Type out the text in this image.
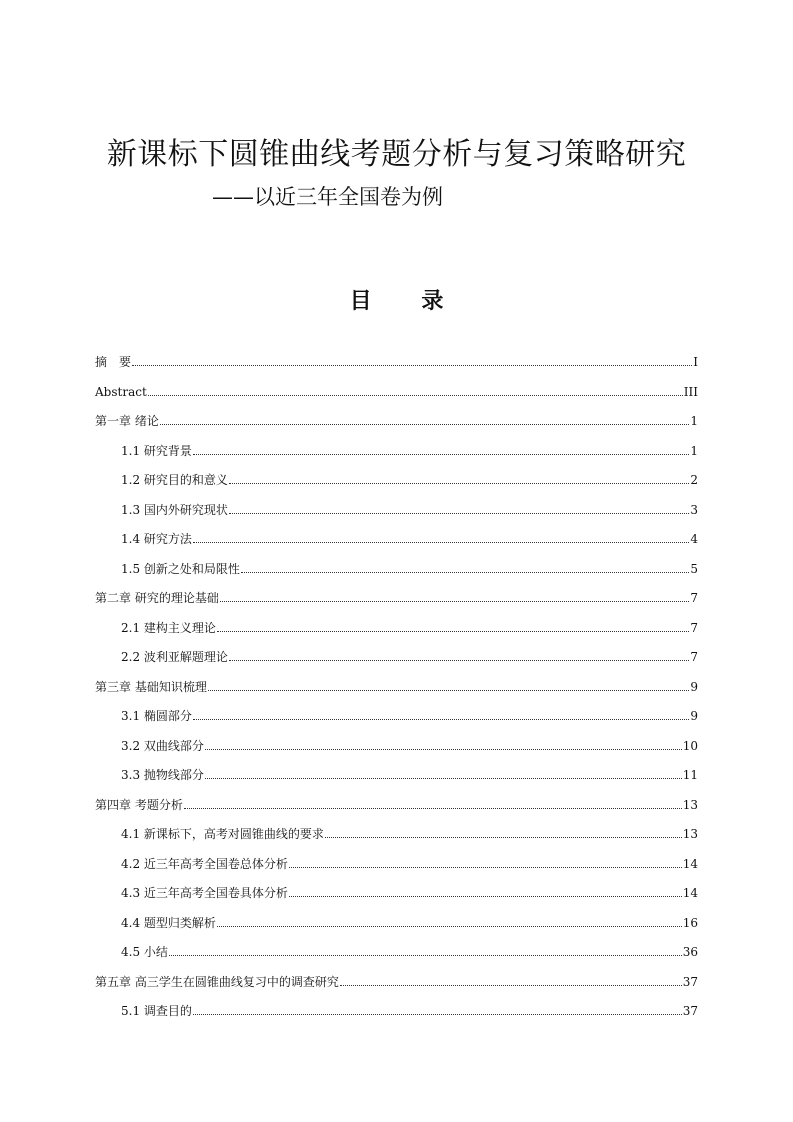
新课标下圆锥曲线考题分析与复习策略研究
——以近三年全国卷为例
目 录
摘　要	I
Abstract	III
第一章 绪论	1
1.1 研究背景	1
1.2 研究目的和意义	2
1.3 国内外研究现状	3
1.4 研究方法	4
1.5 创新之处和局限性	5
第二章 研究的理论基础	7
2.1 建构主义理论	7
2.2 波利亚解题理论	7
第三章 基础知识梳理	9
3.1 椭圆部分	9
3.2 双曲线部分	10
3.3 抛物线部分	11
第四章 考题分析	13
4.1 新课标下，高考对圆锥曲线的要求	13
4.2 近三年高考全国卷总体分析	14
4.3 近三年高考全国卷具体分析	14
4.4 题型归类解析	16
4.5 小结	36
第五章 高三学生在圆锥曲线复习中的调查研究	37
5.1 调查目的	37
